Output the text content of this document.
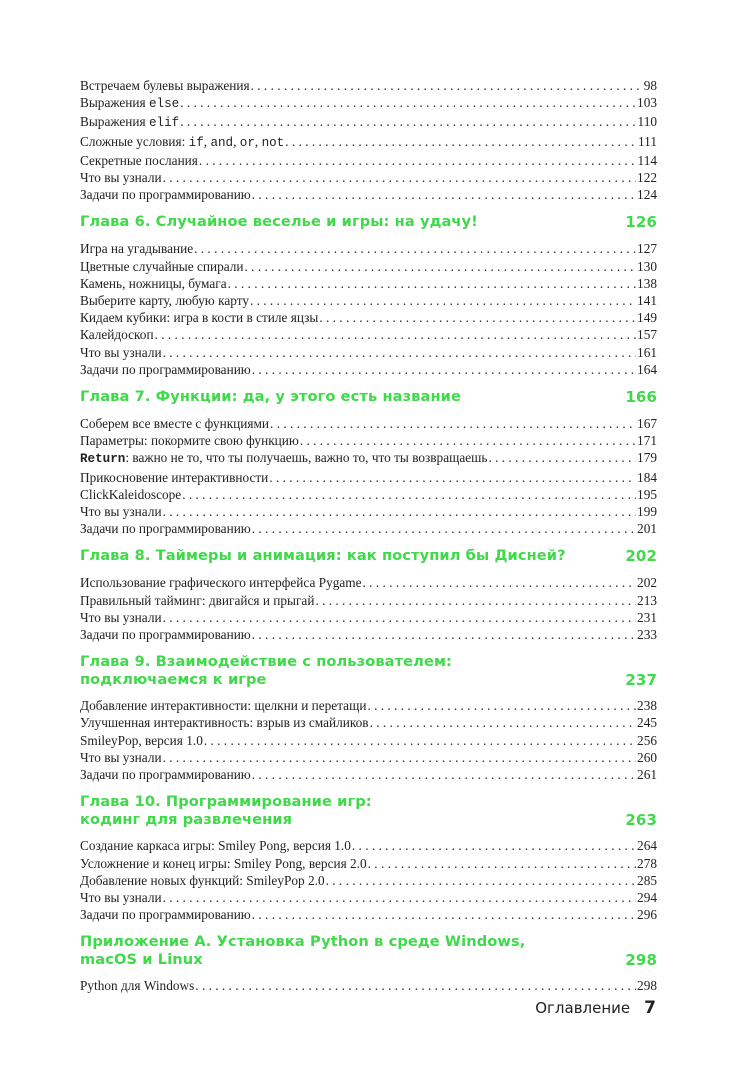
Встречаем булевы выражения . . .	98
Выражения else . . .	103
Выражения elif . . .	110
Сложные условия: if, and, or, not . . .	111
Секретные послания . . .	114
Что вы узнали . . .	122
Задачи по программированию . . .	124
Глава 6. Случайное веселье и игры: на удачу!	126
Игра на угадывание . . .	127
Цветные случайные спирали . . .	130
Камень, ножницы, бумага . . .	138
Выберите карту, любую карту . . .	141
Кидаем кубики: игра в кости в стиле яцзы . . .	149
Калейдоскоп . . .	157
Что вы узнали . . .	161
Задачи по программированию . . .	164
Глава 7. Функции: да, у этого есть название	166
Соберем все вместе с функциями . . .	167
Параметры: покормите свою функцию . . .	171
Return: важно не то, что ты получаешь, важно то, что ты возвращаешь . . .	179
Прикосновение интерактивности . . .	184
ClickKaleidoscope . . .	195
Что вы узнали . . .	199
Задачи по программированию . . .	201
Глава 8. Таймеры и анимация: как поступил бы Дисней?	202
Использование графического интерфейса Pygame . . .	202
Правильный тайминг: двигайся и прыгай . . .	213
Что вы узнали . . .	231
Задачи по программированию . . .	233
Глава 9. Взаимодействие с пользователем:
подключаемся к игре	237
Добавление интерактивности: щелкни и перетащи . . .	238
Улучшенная интерактивность: взрыв из смайликов . . .	245
SmileyPop, версия 1.0 . . .	256
Что вы узнали . . .	260
Задачи по программированию . . .	261
Глава 10. Программирование игр:
кодинг для развлечения	263
Создание каркаса игры: Smiley Pong, версия 1.0 . . .	264
Усложнение и конец игры: Smiley Pong, версия 2.0 . . .	278
Добавление новых функций: SmileyPop 2.0 . . .	285
Что вы узнали . . .	294
Задачи по программированию . . .	296
Приложение А. Установка Python в среде Windows,
macOS и Linux	298
Python для Windows . . .	298
Оглавление 7
